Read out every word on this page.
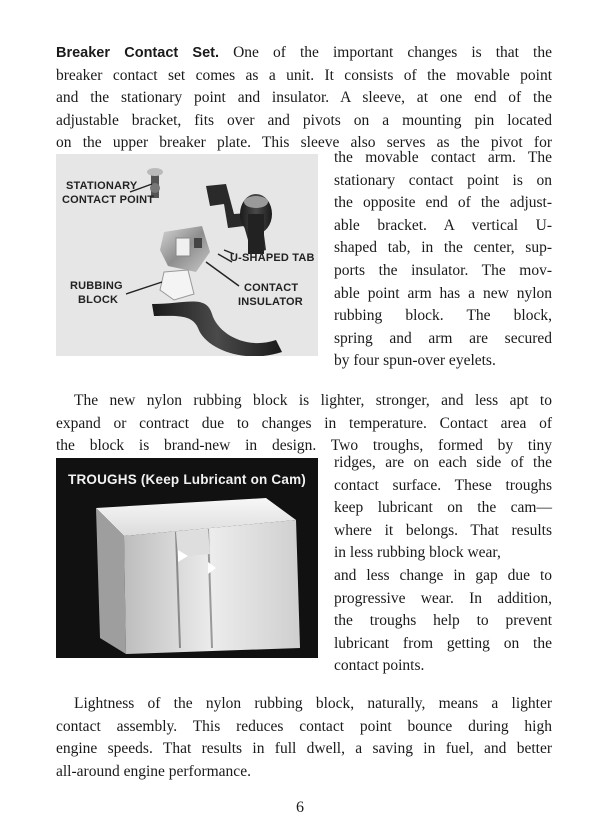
Breaker Contact Set. One of the important changes is that the
breaker contact set comes as a unit. It consists of the movable point
and the stationary point and insulator. A sleeve, at one end of the
adjustable bracket, fits over and pivots on a mounting pin located
on the upper breaker plate. This sleeve also serves as the pivot for
the movable contact arm. The
stationary contact point is on
the opposite end of the adjust-
able bracket. A vertical U-
shaped tab, in the center, sup-
ports the insulator. The mov-
able point arm has a new nylon
rubbing block. The block,
spring and arm are secured
by four spun-over eyelets.
STATIONARY
CONTACT POINT
U-SHAPED TAB
RUBBING
BLOCK
CONTACT
INSULATOR
The new nylon rubbing block is lighter, stronger, and less apt to
expand or contract due to changes in temperature. Contact area of
the block is brand-new in design. Two troughs, formed by tiny
ridges, are on each side of the
contact surface. These troughs
keep lubricant on the cam—
where it belongs. That results
in less rubbing block wear,
and less change in gap due to
progressive wear. In addition,
the troughs help to prevent
lubricant from getting on the
contact points.
TROUGHS (Keep Lubricant on Cam)
Lightness of the nylon rubbing block, naturally, means a lighter
contact assembly. This reduces contact point bounce during high
engine speeds. That results in full dwell, a saving in fuel, and better
all-around engine performance.
6
